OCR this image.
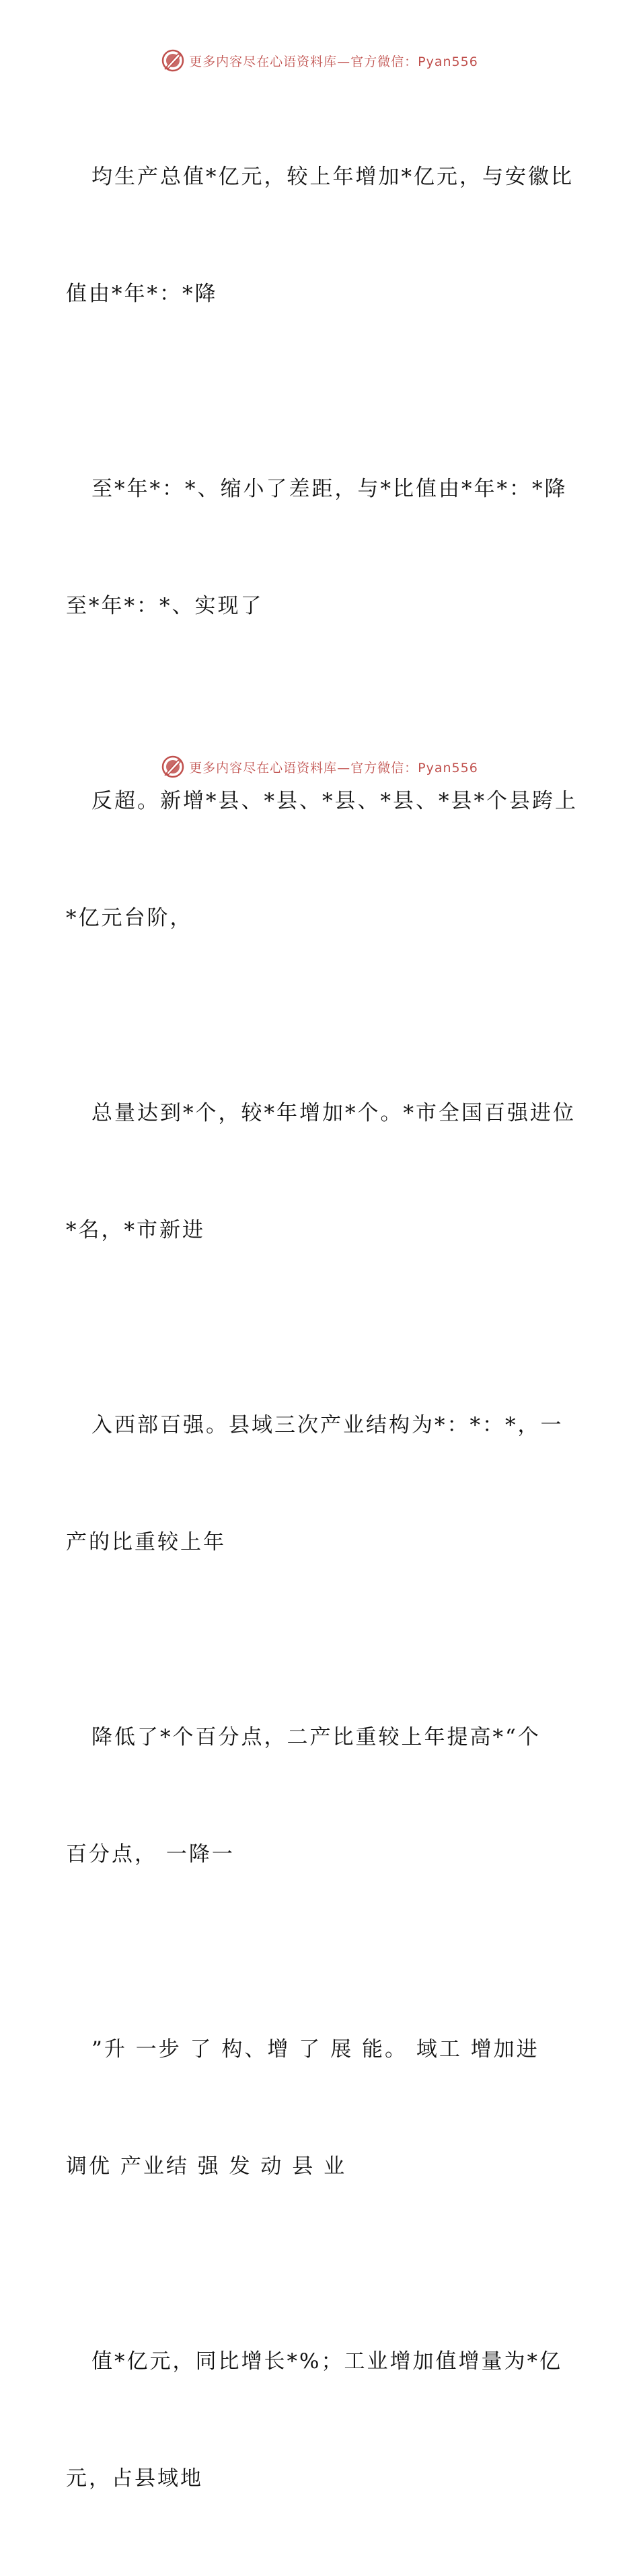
更多内容尽在心语资料库—官方微信：Pyan556

均生产总值*亿元，较上年增加*亿元，与安徽比

值由*年*：*降

至*年*：*、缩小了差距，与*比值由*年*：*降

至*年*：*、实现了

反超。新增*县、*县、*县、*县、*县*个县跨上

*亿元台阶，

总量达到*个，较*年增加*个。*市全国百强进位

*名，*市新进

入西部百强。县域三次产业结构为*：*：*，一

产的比重较上年

降低了*个百分点，二产比重较上年提高*“个

百分点， 一降一

”升 一步 了 构、增 了 展 能。 域工 增加进

调优 产业结 强 发 动 县 业

值*亿元，同比增长*%；工业增加值增量为*亿

元，占县域地

更多内容尽在心语资料库—官方微信：Pyan556
